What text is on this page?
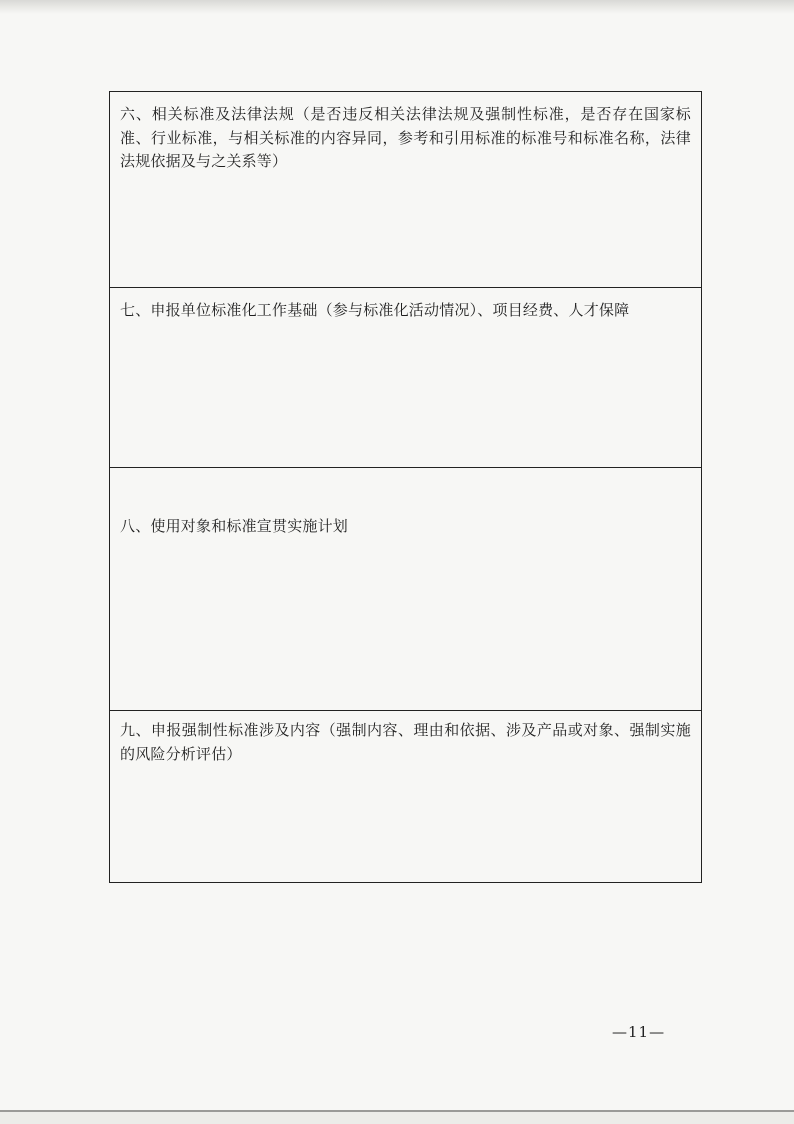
六、相关标准及法律法规（是否违反相关法律法规及强制性标准，是否存在国家标准、行业标准，与相关标准的内容异同，参考和引用标准的标准号和标准名称，法律法规依据及与之关系等）

七、申报单位标准化工作基础（参与标准化活动情况）、项目经费、人才保障

八、使用对象和标准宣贯实施计划

九、申报强制性标准涉及内容（强制内容、理由和依据、涉及产品或对象、强制实施的风险分析评估）

—11—
